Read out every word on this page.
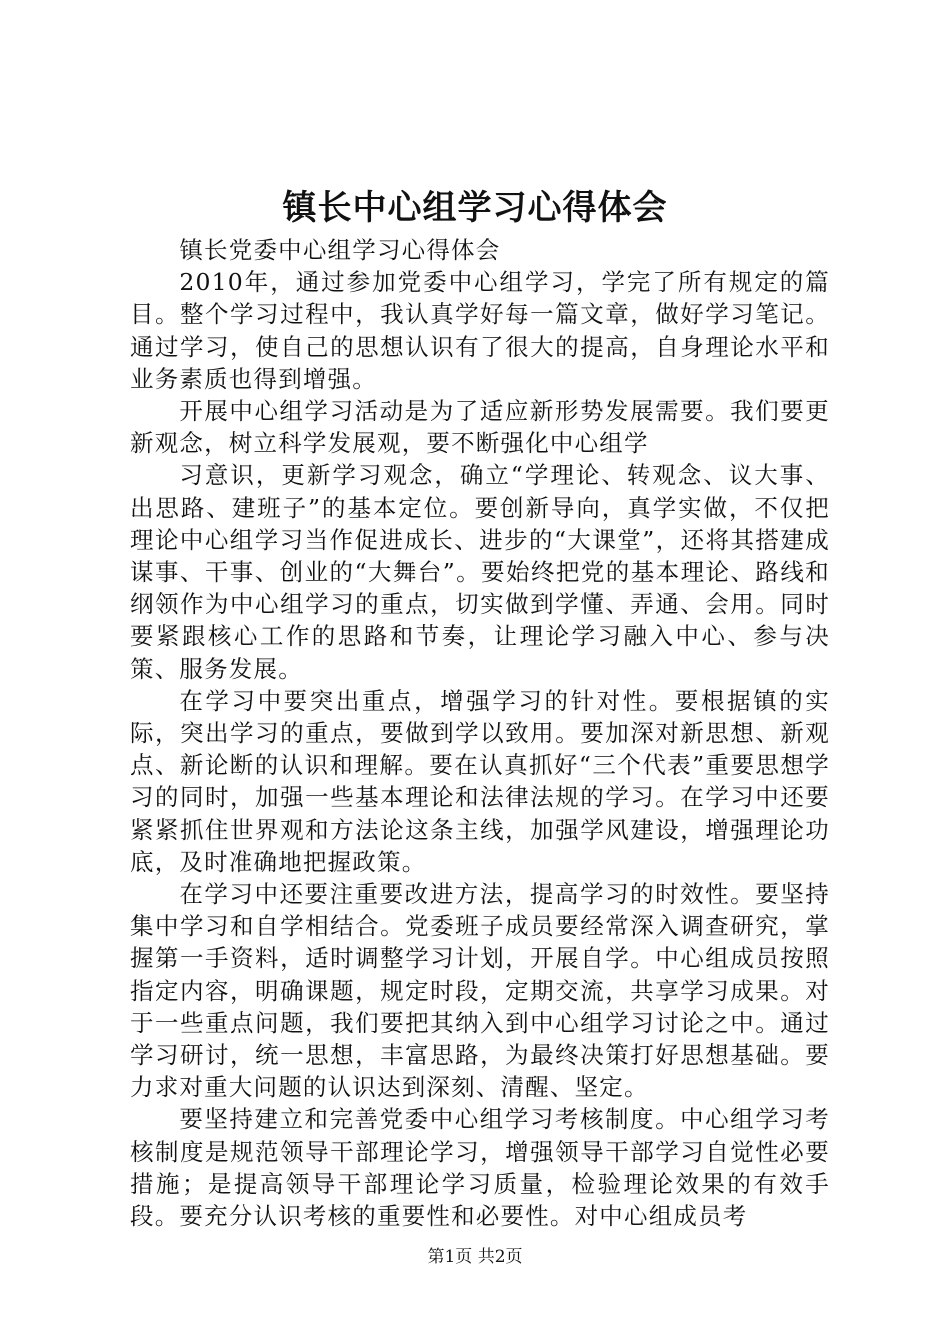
镇长中心组学习心得体会

镇长党委中心组学习心得体会

2010年，通过参加党委中心组学习，学完了所有规定的篇目。整个学习过程中，我认真学好每一篇文章，做好学习笔记。通过学习，使自己的思想认识有了很大的提高，自身理论水平和业务素质也得到增强。

开展中心组学习活动是为了适应新形势发展需要。我们要更新观念，树立科学发展观，要不断强化中心组学

习意识，更新学习观念，确立“学理论、转观念、议大事、出思路、建班子”的基本定位。要创新导向，真学实做，不仅把理论中心组学习当作促进成长、进步的“大课堂”，还将其搭建成谋事、干事、创业的“大舞台”。要始终把党的基本理论、路线和纲领作为中心组学习的重点，切实做到学懂、弄通、会用。同时要紧跟核心工作的思路和节奏，让理论学习融入中心、参与决策、服务发展。

在学习中要突出重点，增强学习的针对性。要根据镇的实际，突出学习的重点，要做到学以致用。要加深对新思想、新观点、新论断的认识和理解。要在认真抓好“三个代表”重要思想学习的同时，加强一些基本理论和法律法规的学习。在学习中还要紧紧抓住世界观和方法论这条主线，加强学风建设，增强理论功底，及时准确地把握政策。

在学习中还要注重要改进方法，提高学习的时效性。要坚持集中学习和自学相结合。党委班子成员要经常深入调查研究，掌握第一手资料，适时调整学习计划，开展自学。中心组成员按照指定内容，明确课题，规定时段，定期交流，共享学习成果。对于一些重点问题，我们要把其纳入到中心组学习讨论之中。通过学习研讨，统一思想，丰富思路，为最终决策打好思想基础。要力求对重大问题的认识达到深刻、清醒、坚定。

要坚持建立和完善党委中心组学习考核制度。中心组学习考核制度是规范领导干部理论学习，增强领导干部学习自觉性必要措施；是提高领导干部理论学习质量，检验理论效果的有效手段。要充分认识考核的重要性和必要性。对中心组成员考

第1页 共2页
